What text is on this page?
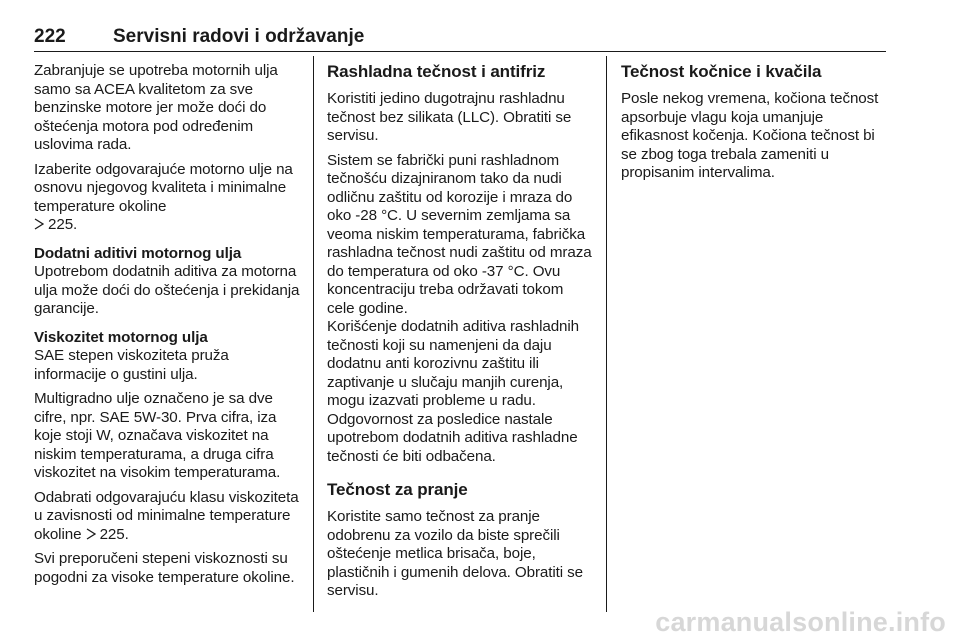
222 Servisni radovi i održavanje

Zabranjuje se upotreba motornih ulja samo sa ACEA kvalitetom za sve benzinske motore jer može doći do oštećenja motora pod određenim uslovima rada.

Izaberite odgovarajuće motorno ulje na osnovu njegovog kvaliteta i minimalne temperature okoline

225.

Dodatni aditivi motornog ulja

Upotrebom dodatnih aditiva za motorna ulja može doći do oštećenja i prekidanja garancije.

Viskozitet motornog ulja

SAE stepen viskoziteta pruža informacije o gustini ulja.

Multigradno ulje označeno je sa dve cifre, npr. SAE 5W-30. Prva cifra, iza koje stoji W, označava viskozitet na niskim temperaturama, a druga cifra viskozitet na visokim temperaturama.

Odabrati odgovarajuću klasu viskoziteta u zavisnosti od minimalne temperature okoline 225.

Svi preporučeni stepeni viskoznosti su pogodni za visoke temperature okoline.

Rashladna tečnost i antifriz

Koristiti jedino dugotrajnu rashladnu tečnost bez silikata (LLC). Obratiti se servisu.

Sistem se fabrički puni rashladnom tečnošću dizajniranom tako da nudi odličnu zaštitu od korozije i mraza do oko -28 °C. U severnim zemljama sa veoma niskim temperaturama, fabrička rashladna tečnost nudi zaštitu od mraza do temperatura od oko -37 °C. Ovu koncentraciju treba održavati tokom cele godine.

Korišćenje dodatnih aditiva rashladnih tečnosti koji su namenjeni da daju dodatnu anti korozivnu zaštitu ili zaptivanje u slučaju manjih curenja, mogu izazvati probleme u radu. Odgovornost za posledice nastale upotrebom dodatnih aditiva rashladne tečnosti će biti odbačena.

Tečnost za pranje

Koristite samo tečnost za pranje odobrenu za vozilo da biste sprečili oštećenje metlica brisača, boje, plastičnih i gumenih delova. Obratiti se servisu.

Tečnost kočnice i kvačila

Posle nekog vremena, kočiona tečnost apsorbuje vlagu koja umanjuje efikasnost kočenja. Kočiona tečnost bi se zbog toga trebala zameniti u propisanim intervalima.

carmanualsonline.info
